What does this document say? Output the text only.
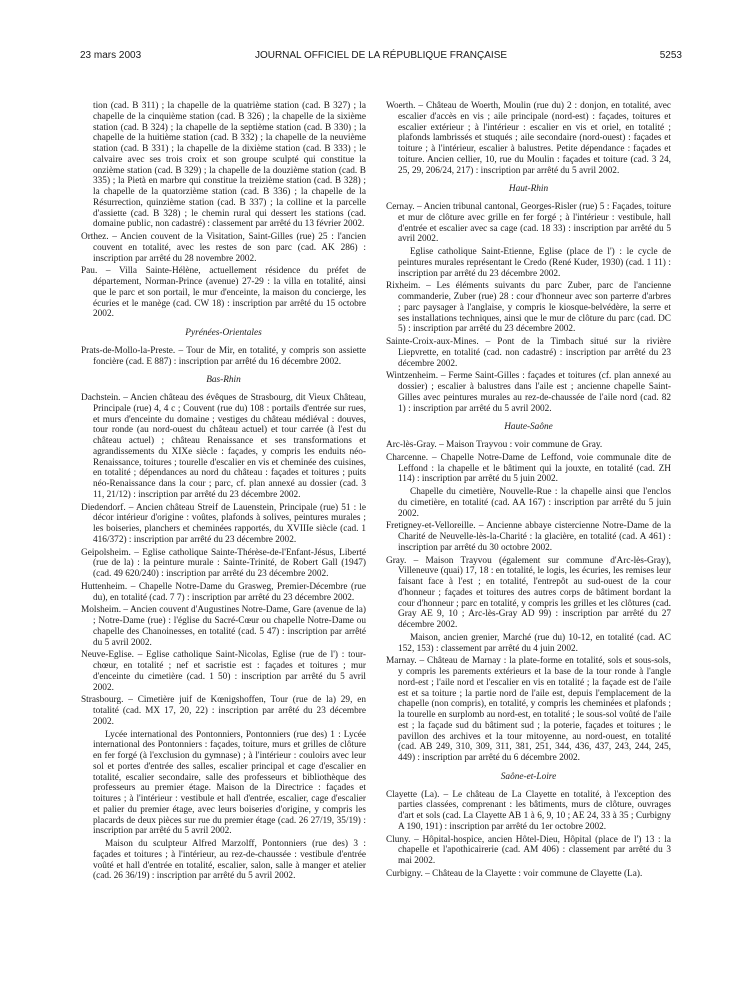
23 mars 2003	JOURNAL OFFICIEL DE LA RÉPUBLIQUE FRANÇAISE	5253

tion (cad. B 311) ; la chapelle de la quatrième station (cad. B 327) ; la chapelle de la cinquième station (cad. B 326) ; la chapelle de la sixième station (cad. B 324) ; la chapelle de la septième station (cad. B 330) ; la chapelle de la huitième station (cad. B 332) ; la chapelle de la neuvième station (cad. B 331) ; la chapelle de la dixième station (cad. B 333) ; le calvaire avec ses trois croix et son groupe sculpté qui constitue la onzième station (cad. B 329) ; la chapelle de la douzième station (cad. B 335) ; la Pietà en marbre qui constitue la treizième station (cad. B 328) ; la chapelle de la quatorzième station (cad. B 336) ; la chapelle de la Résurrection, quinzième station (cad. B 337) ; la colline et la parcelle d'assiette (cad. B 328) ; le chemin rural qui dessert les stations (cad. domaine public, non cadastré) : classement par arrêté du 13 février 2002.

Orthez. – Ancien couvent de la Visitation, Saint-Gilles (rue) 25 : l'ancien couvent en totalité, avec les restes de son parc (cad. AK 286) : inscription par arrêté du 28 novembre 2002.

Pau. – Villa Sainte-Hélène, actuellement résidence du préfet de département, Norman-Prince (avenue) 27-29 : la villa en totalité, ainsi que le parc et son portail, le mur d'enceinte, la maison du concierge, les écuries et le manège (cad. CW 18) : inscription par arrêté du 15 octobre 2002.

Pyrénées-Orientales

Prats-de-Mollo-la-Preste. – Tour de Mir, en totalité, y compris son assiette foncière (cad. E 887) : inscription par arrêté du 16 décembre 2002.

Bas-Rhin

Dachstein. – Ancien château des évêques de Strasbourg, dit Vieux Château, Principale (rue) 4, 4 c ; Couvent (rue du) 108 : portails d'entrée sur rues, et murs d'enceinte du domaine ; vestiges du château médiéval : douves, tour ronde (au nord-ouest du château actuel) et tour carrée (à l'est du château actuel) ; château Renaissance et ses transformations et agrandissements du XIXe siècle : façades, y compris les enduits néo-Renaissance, toitures ; tourelle d'escalier en vis et cheminée des cuisines, en totalité ; dépendances au nord du château : façades et toitures ; puits néo-Renaissance dans la cour ; parc, cf. plan annexé au dossier (cad. 3 11, 21/12) : inscription par arrêté du 23 décembre 2002.

Diedendorf. – Ancien château Streif de Lauenstein, Principale (rue) 51 : le décor intérieur d'origine : voûtes, plafonds à solives, peintures murales ; les boiseries, planchers et cheminées rapportés, du XVIIIe siècle (cad. 1 416/372) : inscription par arrêté du 23 décembre 2002.

Geipolsheim. – Eglise catholique Sainte-Thérèse-de-l'Enfant-Jésus, Liberté (rue de la) : la peinture murale : Sainte-Trinité, de Robert Gall (1947) (cad. 49 620/240) : inscription par arrêté du 23 décembre 2002.

Huttenheim. – Chapelle Notre-Dame du Grasweg, Premier-Décembre (rue du), en totalité (cad. 7 7) : inscription par arrêté du 23 décembre 2002.

Molsheim. – Ancien couvent d'Augustines Notre-Dame, Gare (avenue de la) ; Notre-Dame (rue) : l'église du Sacré-Cœur ou chapelle Notre-Dame ou chapelle des Chanoinesses, en totalité (cad. 5 47) : inscription par arrêté du 5 avril 2002.

Neuve-Eglise. – Eglise catholique Saint-Nicolas, Eglise (rue de l') : tour-chœur, en totalité ; nef et sacristie est : façades et toitures ; mur d'enceinte du cimetière (cad. 1 50) : inscription par arrêté du 5 avril 2002.

Strasbourg. – Cimetière juif de Kœnigshoffen, Tour (rue de la) 29, en totalité (cad. MX 17, 20, 22) : inscription par arrêté du 23 décembre 2002.

Lycée international des Pontonniers, Pontonniers (rue des) 1 : Lycée international des Pontonniers : façades, toiture, murs et grilles de clôture en fer forgé (à l'exclusion du gymnase) ; à l'intérieur : couloirs avec leur sol et portes d'entrée des salles, escalier principal et cage d'escalier en totalité, escalier secondaire, salle des professeurs et bibliothèque des professeurs au premier étage. Maison de la Directrice : façades et toitures ; à l'intérieur : vestibule et hall d'entrée, escalier, cage d'escalier et palier du premier étage, avec leurs boiseries d'origine, y compris les placards de deux pièces sur rue du premier étage (cad. 26 27/19, 35/19) : inscription par arrêté du 5 avril 2002.

Maison du sculpteur Alfred Marzolff, Pontonniers (rue des) 3 : façades et toitures ; à l'intérieur, au rez-de-chaussée : vestibule d'entrée voûté et hall d'entrée en totalité, escalier, salon, salle à manger et atelier (cad. 26 36/19) : inscription par arrêté du 5 avril 2002.

Woerth. – Château de Woerth, Moulin (rue du) 2 : donjon, en totalité, avec escalier d'accès en vis ; aile principale (nord-est) : façades, toitures et escalier extérieur ; à l'intérieur : escalier en vis et oriel, en totalité ; plafonds lambrissés et stuqués ; aile secondaire (nord-ouest) : façades et toiture ; à l'intérieur, escalier à balustres. Petite dépendance : façades et toiture. Ancien cellier, 10, rue du Moulin : façades et toiture (cad. 3 24, 25, 29, 206/24, 217) : inscription par arrêté du 5 avril 2002.

Haut-Rhin

Cernay. – Ancien tribunal cantonal, Georges-Risler (rue) 5 : Façades, toiture et mur de clôture avec grille en fer forgé ; à l'intérieur : vestibule, hall d'entrée et escalier avec sa cage (cad. 18 33) : inscription par arrêté du 5 avril 2002.

Eglise catholique Saint-Etienne, Eglise (place de l') : le cycle de peintures murales représentant le Credo (René Kuder, 1930) (cad. 1 11) : inscription par arrêté du 23 décembre 2002.

Rixheim. – Les éléments suivants du parc Zuber, parc de l'ancienne commanderie, Zuber (rue) 28 : cour d'honneur avec son parterre d'arbres ; parc paysager à l'anglaise, y compris le kiosque-belvédère, la serre et ses installations techniques, ainsi que le mur de clôture du parc (cad. DC 5) : inscription par arrêté du 23 décembre 2002.

Sainte-Croix-aux-Mines. – Pont de la Timbach situé sur la rivière Liepvrette, en totalité (cad. non cadastré) : inscription par arrêté du 23 décembre 2002.

Wintzenheim. – Ferme Saint-Gilles : façades et toitures (cf. plan annexé au dossier) ; escalier à balustres dans l'aile est ; ancienne chapelle Saint-Gilles avec peintures murales au rez-de-chaussée de l'aile nord (cad. 82 1) : inscription par arrêté du 5 avril 2002.

Haute-Saône

Arc-lès-Gray. – Maison Trayvou : voir commune de Gray.

Charcenne. – Chapelle Notre-Dame de Leffond, voie communale dite de Leffond : la chapelle et le bâtiment qui la jouxte, en totalité (cad. ZH 114) : inscription par arrêté du 5 juin 2002.

Chapelle du cimetière, Nouvelle-Rue : la chapelle ainsi que l'enclos du cimetière, en totalité (cad. AA 167) : inscription par arrêté du 5 juin 2002.

Fretigney-et-Velloreille. – Ancienne abbaye cistercienne Notre-Dame de la Charité de Neuvelle-lès-la-Charité : la glacière, en totalité (cad. A 461) : inscription par arrêté du 30 octobre 2002.

Gray. – Maison Trayvou (également sur commune d'Arc-lès-Gray), Villeneuve (quai) 17, 18 : en totalité, le logis, les écuries, les remises leur faisant face à l'est ; en totalité, l'entrepôt au sud-ouest de la cour d'honneur ; façades et toitures des autres corps de bâtiment bordant la cour d'honneur ; parc en totalité, y compris les grilles et les clôtures (cad. Gray AE 9, 10 ; Arc-lès-Gray AD 99) : inscription par arrêté du 27 décembre 2002.

Maison, ancien grenier, Marché (rue du) 10-12, en totalité (cad. AC 152, 153) : classement par arrêté du 4 juin 2002.

Marnay. – Château de Marnay : la plate-forme en totalité, sols et sous-sols, y compris les parements extérieurs et la base de la tour ronde à l'angle nord-est ; l'aile nord et l'escalier en vis en totalité ; la façade est de l'aile est et sa toiture ; la partie nord de l'aile est, depuis l'emplacement de la chapelle (non compris), en totalité, y compris les cheminées et plafonds ; la tourelle en surplomb au nord-est, en totalité ; le sous-sol voûté de l'aile est ; la façade sud du bâtiment sud ; la poterie, façades et toitures ; le pavillon des archives et la tour mitoyenne, au nord-ouest, en totalité (cad. AB 249, 310, 309, 311, 381, 251, 344, 436, 437, 243, 244, 245, 449) : inscription par arrêté du 6 décembre 2002.

Saône-et-Loire

Clayette (La). – Le château de La Clayette en totalité, à l'exception des parties classées, comprenant : les bâtiments, murs de clôture, ouvrages d'art et sols (cad. La Clayette AB 1 à 6, 9, 10 ; AE 24, 33 à 35 ; Curbigny A 190, 191) : inscription par arrêté du 1er octobre 2002.

Cluny. – Hôpital-hospice, ancien Hôtel-Dieu, Hôpital (place de l') 13 : la chapelle et l'apothicairerie (cad. AM 406) : classement par arrêté du 3 mai 2002.

Curbigny. – Château de la Clayette : voir commune de Clayette (La).
